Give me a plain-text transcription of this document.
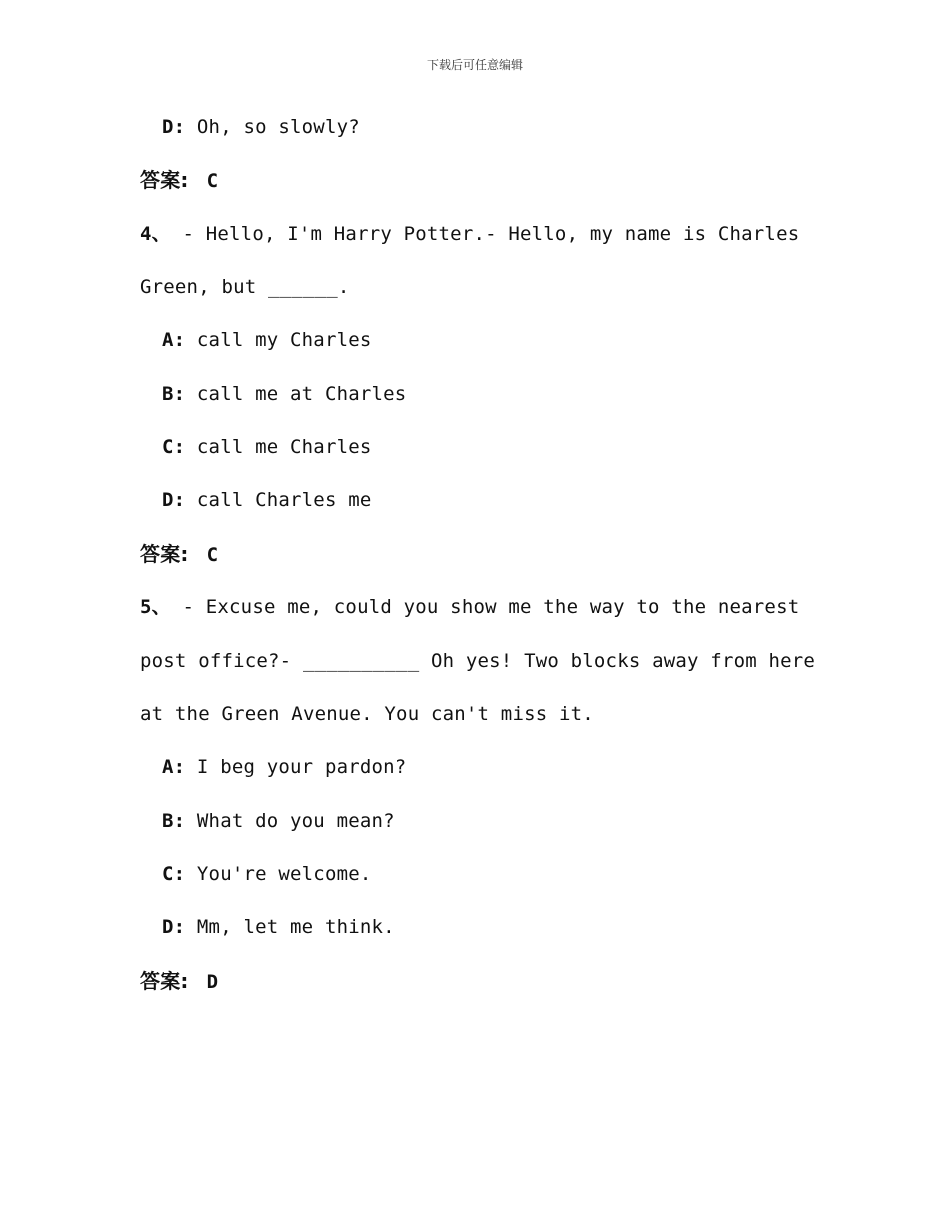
下载后可任意编辑
D: Oh, so slowly?
答案: C
4、 - Hello, I'm Harry Potter.- Hello, my name is Charles
Green, but ______.
A: call my Charles
B: call me at Charles
C: call me Charles
D: call Charles me
答案: C
5、 - Excuse me, could you show me the way to the nearest
post office?- __________ Oh yes! Two blocks away from here
at the Green Avenue. You can't miss it.
A: I beg your pardon?
B: What do you mean?
C: You're welcome.
D: Mm, let me think.
答案: D
